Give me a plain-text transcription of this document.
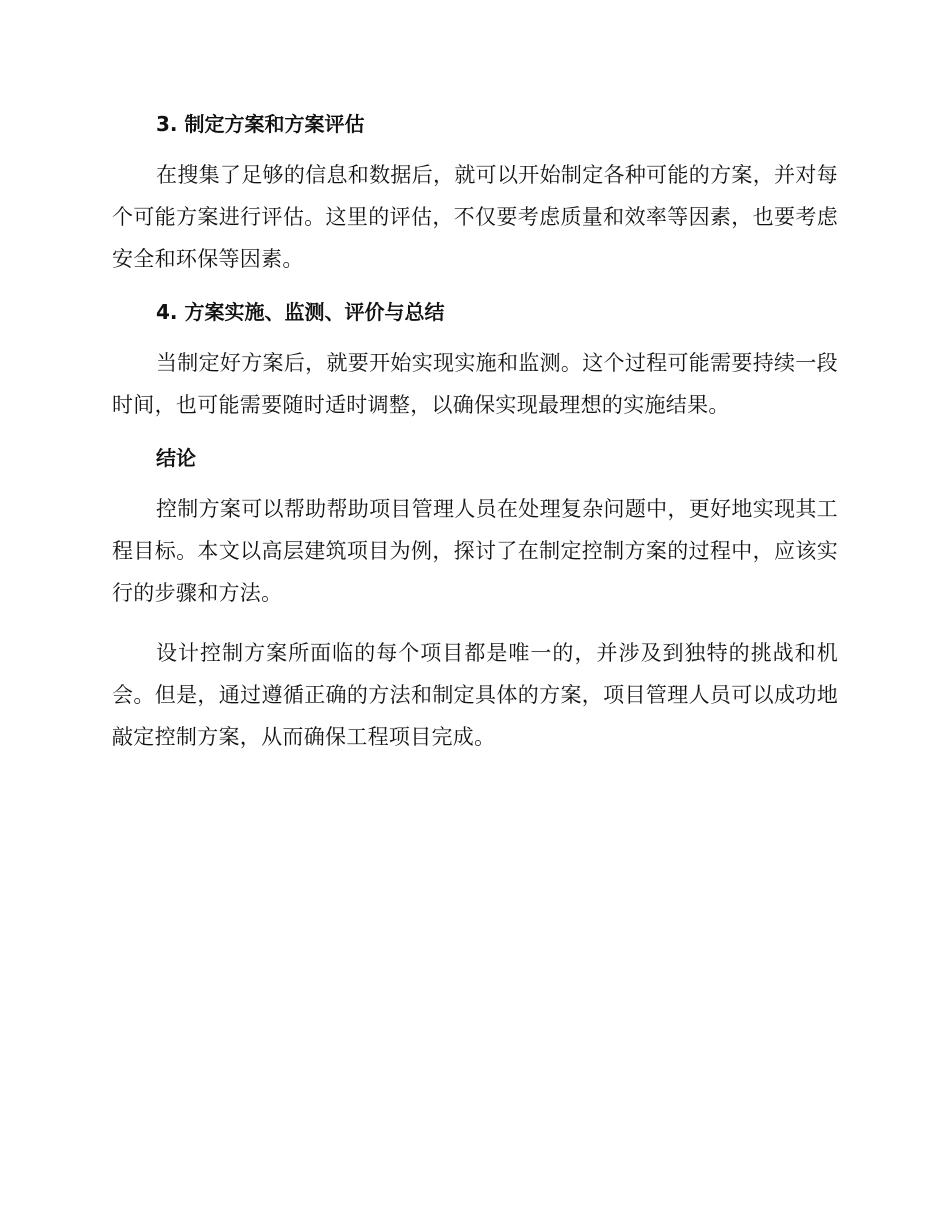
3. 制定方案和方案评估

在搜集了足够的信息和数据后，就可以开始制定各种可能的方案，并对每个可能方案进行评估。这里的评估，不仅要考虑质量和效率等因素，也要考虑安全和环保等因素。

4. 方案实施、监测、评价与总结

当制定好方案后，就要开始实现实施和监测。这个过程可能需要持续一段时间，也可能需要随时适时调整，以确保实现最理想的实施结果。

结论

控制方案可以帮助帮助项目管理人员在处理复杂问题中，更好地实现其工程目标。本文以高层建筑项目为例，探讨了在制定控制方案的过程中，应该实行的步骤和方法。

设计控制方案所面临的每个项目都是唯一的，并涉及到独特的挑战和机会。但是，通过遵循正确的方法和制定具体的方案，项目管理人员可以成功地敲定控制方案，从而确保工程项目完成。
